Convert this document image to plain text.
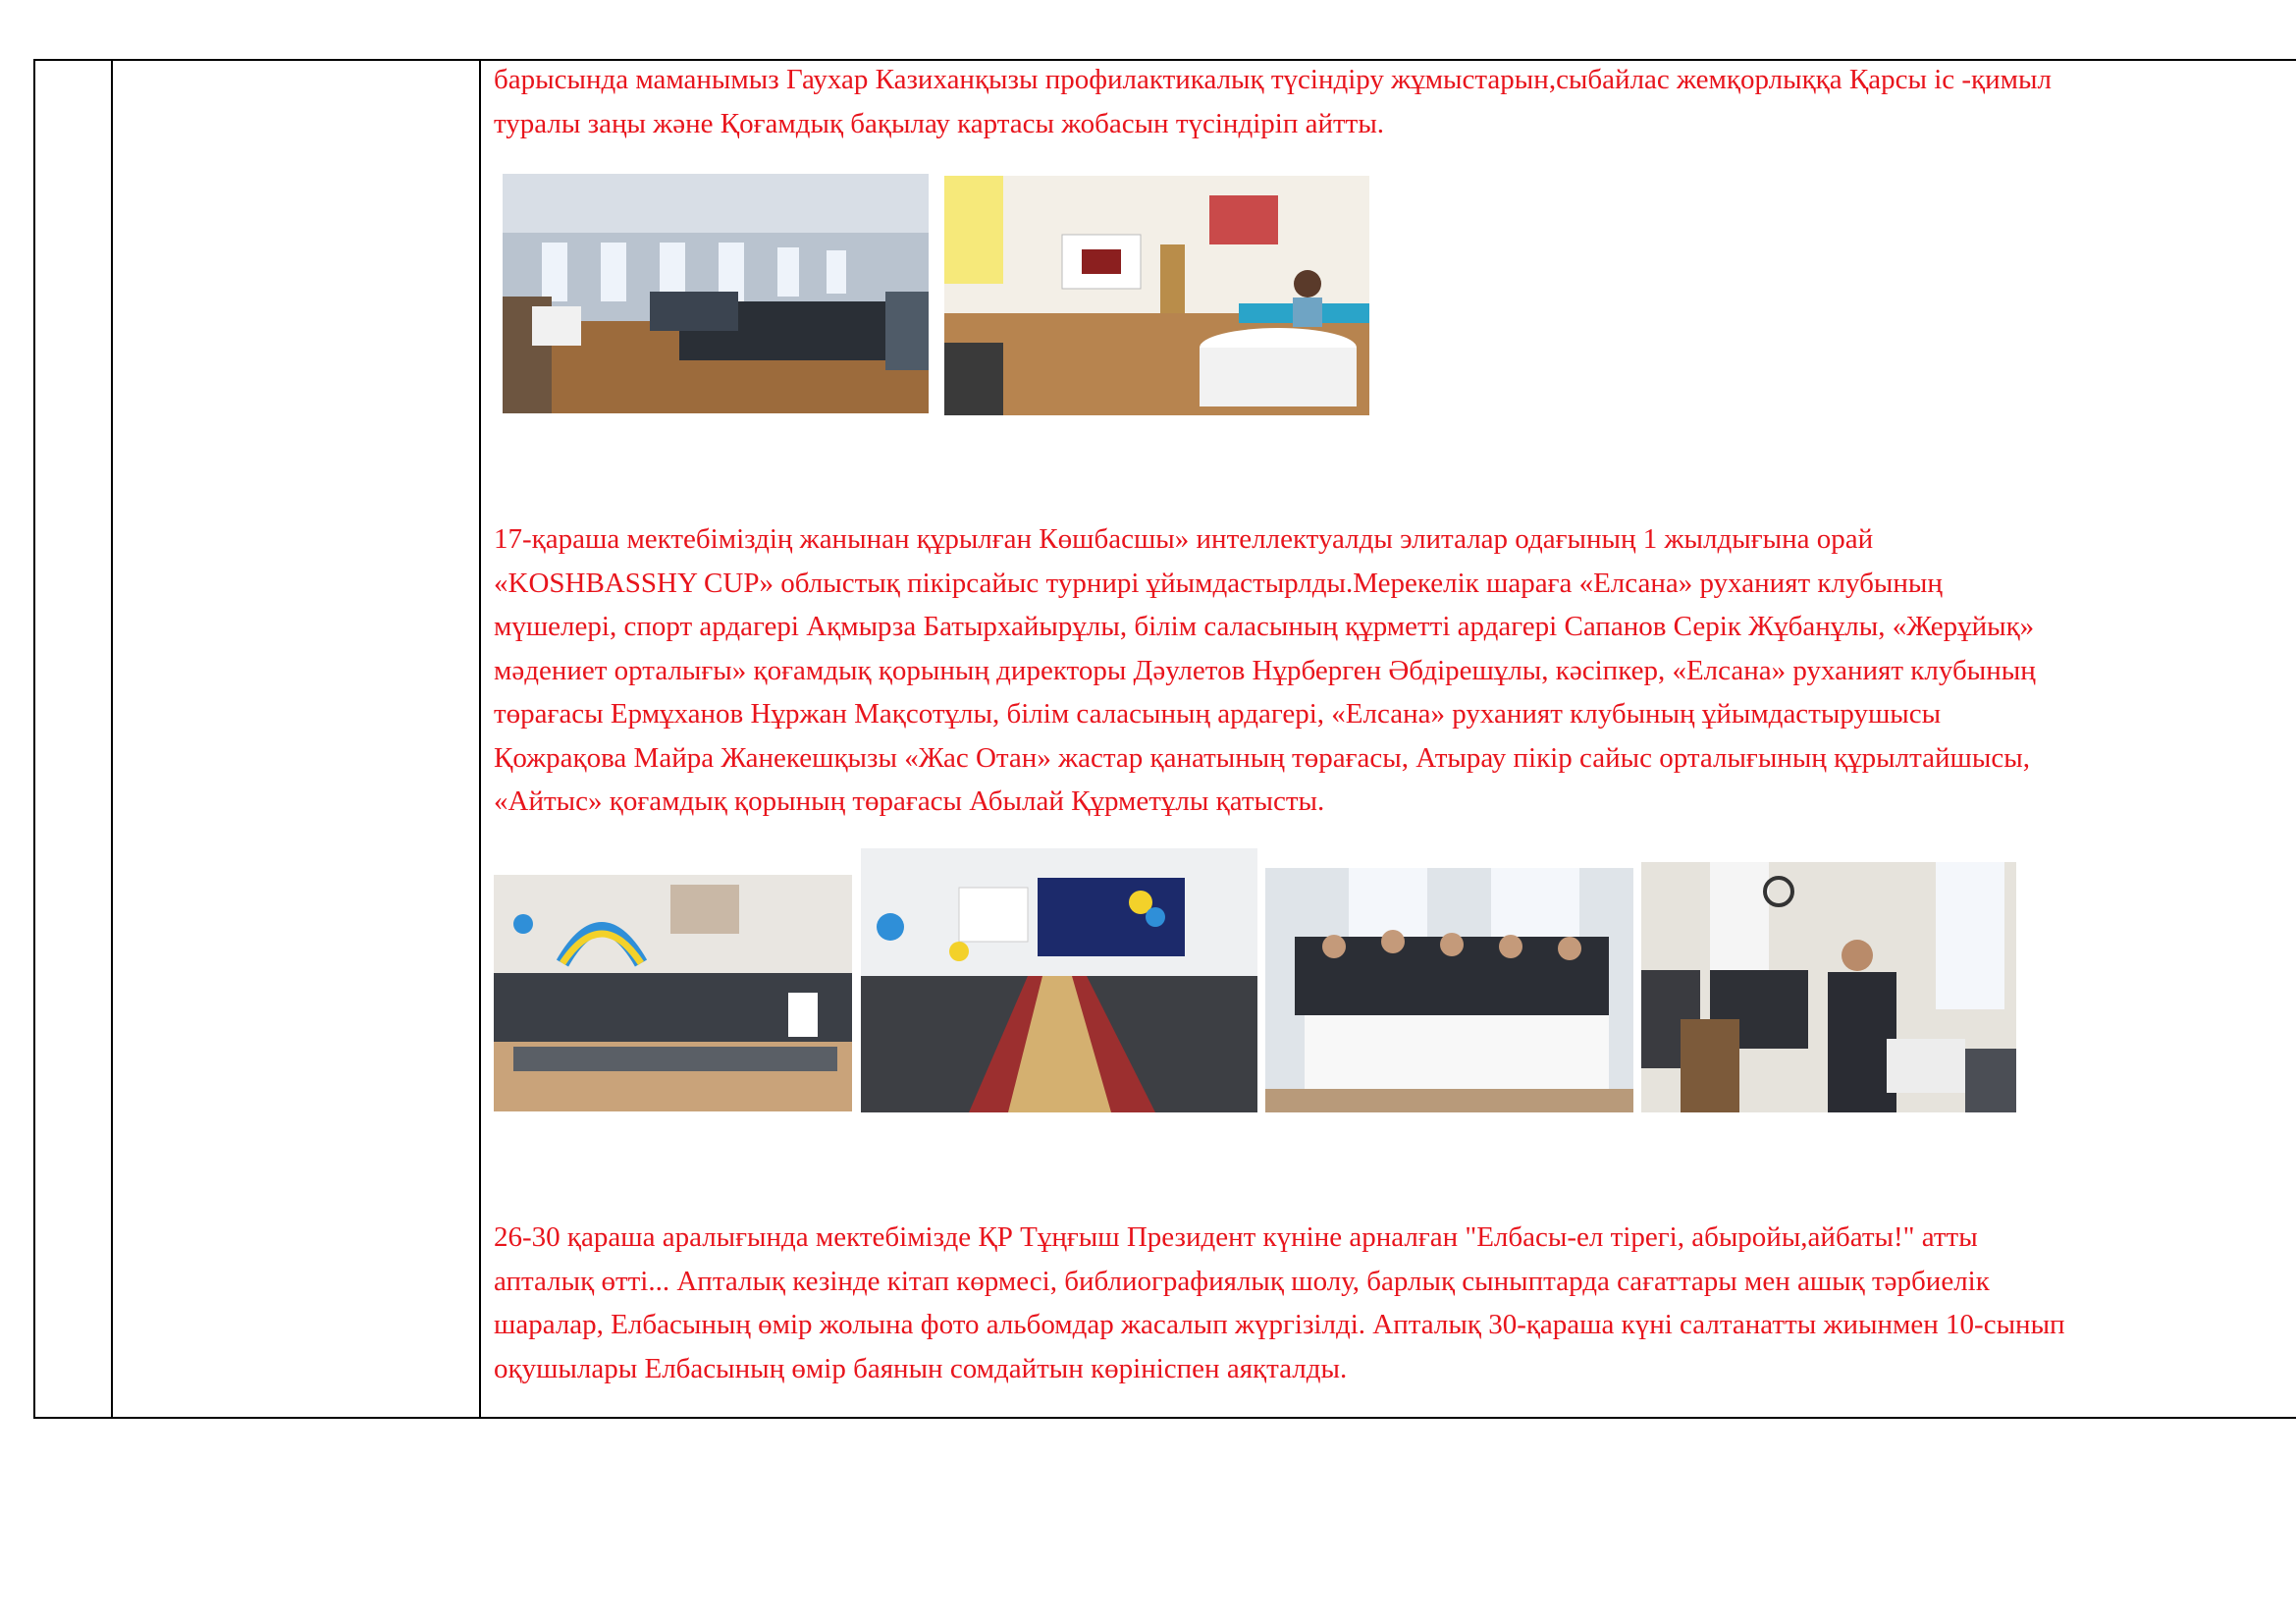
барысында маманымыз Гаухар Казиханқызы профилактикалық түсіндіру жұмыстарын,сыбайлас жемқорлыққа Қарсы іс -қимыл
туралы заңы және Қоғамдық бақылау картасы жобасын түсіндіріп айтты.
17-қараша мектебіміздің жанынан құрылған Көшбасшы» интеллектуалды элиталар одағының 1 жылдығына орай
«KOSHBASSHY CUP» облыстық пікірсайыс турнирі ұйымдастырлды.Мерекелік шараға «Елсана» руханият клубының
мүшелері, спорт ардагері Ақмырза Батырхайырұлы, білім саласының құрметті ардагері Сапанов Серік Жұбанұлы, «Жерұйық»
мәдениет орталығы» қоғамдық қорының директоры Дәулетов Нұрберген Әбдірешұлы, кәсіпкер, «Елсана» руханият клубының
төрағасы Ермұханов Нұржан Мақсотұлы, білім саласының ардагері, «Елсана» руханият клубының ұйымдастырушысы
Қожрақова Майра Жанекешқызы «Жас Отан» жастар қанатының төрағасы, Атырау пікір сайыс орталығының құрылтайшысы,
«Айтыс» қоғамдық қорының төрағасы Абылай Құрметұлы қатысты.
26-30 қараша аралығында мектебімізде ҚР Тұңғыш Президент күніне арналған "Елбасы-ел тірегі, абыройы,айбаты!" атты
апталық өтті... Апталық кезінде кітап көрмесі, библиографиялық шолу, барлық сыныптарда сағаттары мен ашық тәрбиелік
шаралар, Елбасының өмір жолына фото альбомдар жасалып жүргізілді. Апталық 30-қараша күні салтанатты жиынмен 10-сынып
оқушылары Елбасының өмір баянын сомдайтын көрініспен аяқталды.
